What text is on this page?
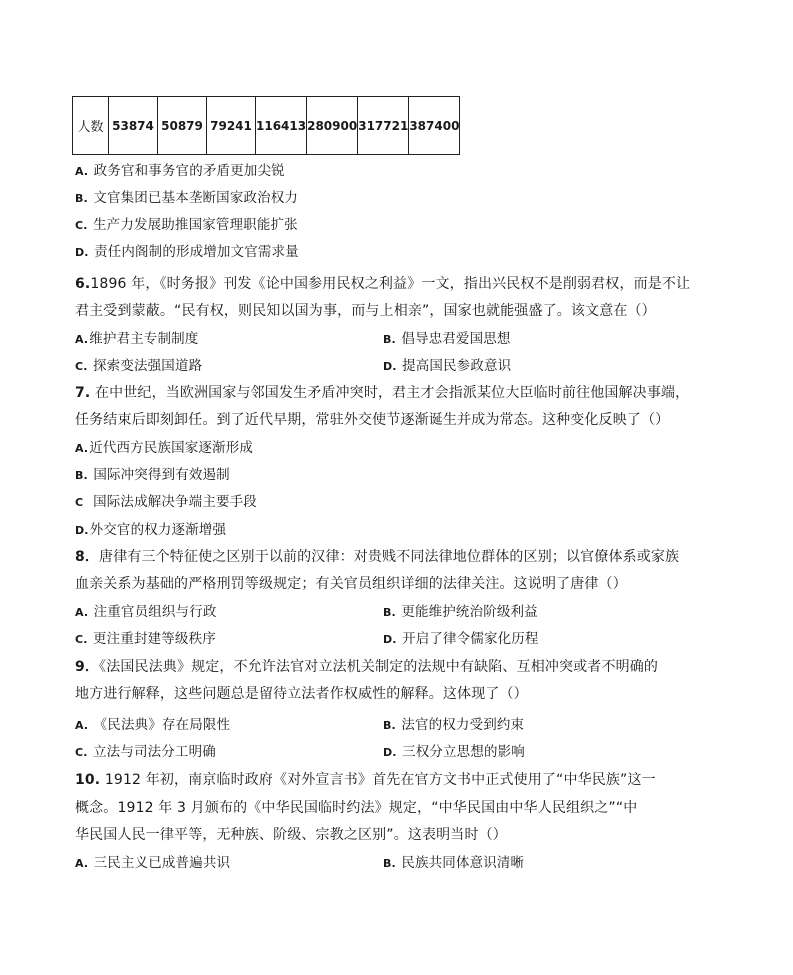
人数	53874	50879	79241	116413	280900	317721	387400
A. 政务官和事务官的矛盾更加尖锐
B. 文官集团已基本垄断国家政治权力
C. 生产力发展助推国家管理职能扩张
D. 责任内阁制的形成增加文官需求量
6.1896 年，《时务报》刊发《论中国参用民权之利益》一文，指出兴民权不是削弱君权，而是不让
君主受到蒙蔽。“民有权，则民知以国为事，而与上相亲”，国家也就能强盛了。该文意在（）
A.维护君主专制制度	B. 倡导忠君爱国思想
C. 探索变法强国道路	D. 提高国民参政意识
7. 在中世纪，当欧洲国家与邻国发生矛盾冲突时，君主才会指派某位大臣临时前往他国解决事端，
任务结束后即刻卸任。到了近代早期，常驻外交使节逐渐诞生并成为常态。这种变化反映了（）
A.近代西方民族国家逐渐形成
B. 国际冲突得到有效遏制
C 国际法成解决争端主要手段
D.外交官的权力逐渐增强
8．唐律有三个特征使之区别于以前的汉律：对贵贱不同法律地位群体的区别；以官僚体系或家族
血亲关系为基础的严格刑罚等级规定；有关官员组织详细的法律关注。这说明了唐律（）
A. 注重官员组织与行政	B. 更能维护统治阶级利益
C. 更注重封建等级秩序	D. 开启了律令儒家化历程
9．《法国民法典》规定，不允许法官对立法机关制定的法规中有缺陷、互相冲突或者不明确的
地方进行解释，这些问题总是留待立法者作权威性的解释。这体现了（）
A. 《民法典》存在局限性	B. 法官的权力受到约束
C. 立法与司法分工明确	D. 三权分立思想的影响
10. 1912 年初，南京临时政府《对外宣言书》首先在官方文书中正式使用了“中华民族”这一
概念。1912 年 3 月颁布的《中华民国临时约法》规定，“中华民国由中华人民组织之”“中
华民国人民一律平等，无种族、阶级、宗教之区别”。这表明当时（）
A. 三民主义已成普遍共识	B. 民族共同体意识清晰
